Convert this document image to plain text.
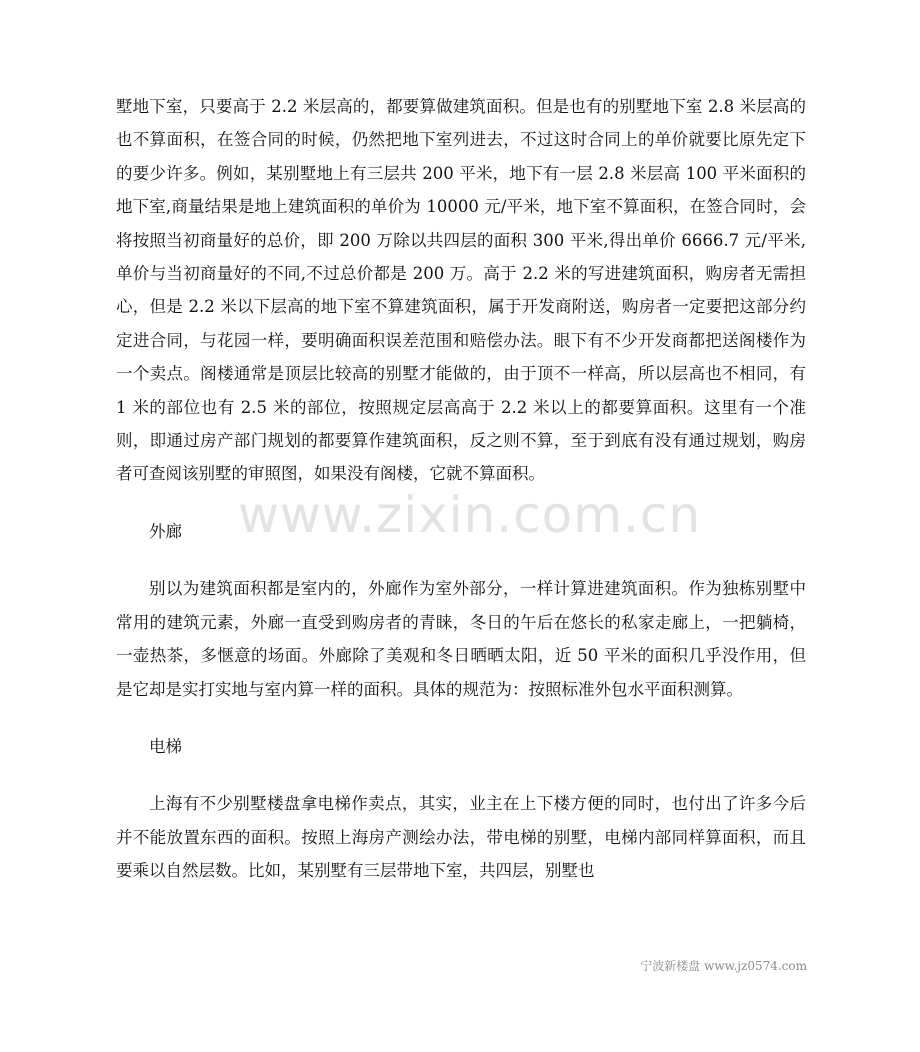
www.zixin.com.cn

墅地下室，只要高于 2.2 米层高的，都要算做建筑面积。但是也有的别墅地下室 2.8 米层高的也不算面积，在签合同的时候，仍然把地下室列进去，不过这时合同上的单价就要比原先定下的要少许多。例如，某别墅地上有三层共 200 平米，地下有一层 2.8 米层高 100 平米面积的地下室,商量结果是地上建筑面积的单价为 10000 元/平米，地下室不算面积，在签合同时，会将按照当初商量好的总价，即 200 万除以共四层的面积 300 平米,得出单价 6666.7 元/平米,单价与当初商量好的不同,不过总价都是 200 万。高于 2.2 米的写进建筑面积，购房者无需担心，但是 2.2 米以下层高的地下室不算建筑面积，属于开发商附送，购房者一定要把这部分约定进合同，与花园一样，要明确面积误差范围和赔偿办法。眼下有不少开发商都把送阁楼作为一个卖点。阁楼通常是顶层比较高的别墅才能做的，由于顶不一样高，所以层高也不相同，有 1 米的部位也有 2.5 米的部位，按照规定层高高于 2.2 米以上的都要算面积。这里有一个准则，即通过房产部门规划的都要算作建筑面积，反之则不算，至于到底有没有通过规划，购房者可查阅该别墅的审照图，如果没有阁楼，它就不算面积。

外廊

别以为建筑面积都是室内的，外廊作为室外部分，一样计算进建筑面积。作为独栋别墅中常用的建筑元素，外廊一直受到购房者的青睐，冬日的午后在悠长的私家走廊上，一把躺椅，一壶热茶，多惬意的场面。外廊除了美观和冬日晒晒太阳，近 50 平米的面积几乎没作用，但是它却是实打实地与室内算一样的面积。具体的规范为：按照标准外包水平面积测算。

电梯

上海有不少别墅楼盘拿电梯作卖点，其实，业主在上下楼方便的同时，也付出了许多今后并不能放置东西的面积。按照上海房产测绘办法，带电梯的别墅，电梯内部同样算面积，而且要乘以自然层数。比如，某别墅有三层带地下室，共四层，别墅也

宁波新楼盘 www.jz0574.com
